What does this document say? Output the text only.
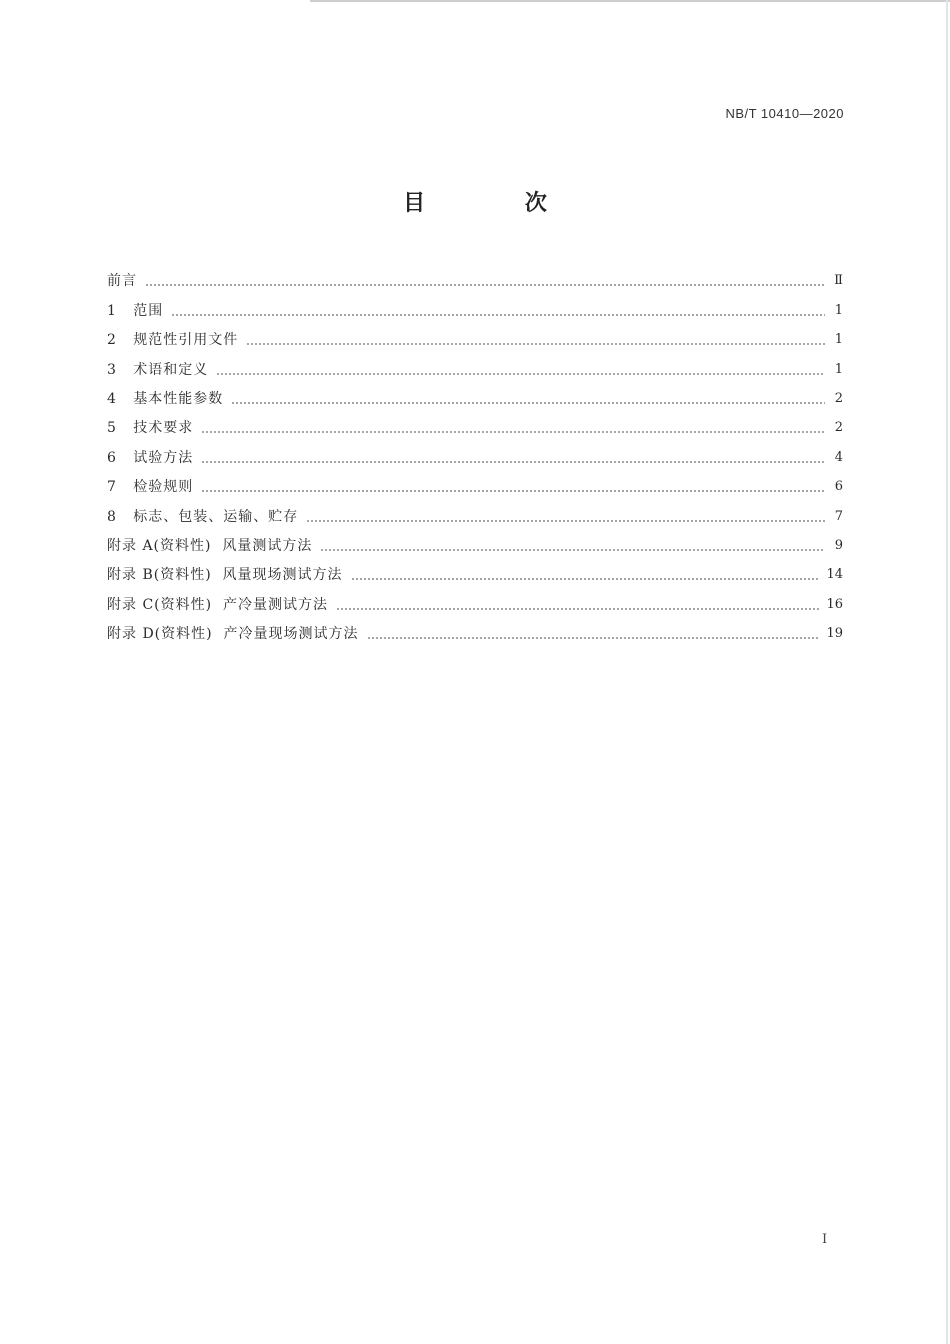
NB/T 10410—2020
目 次
前言	Ⅱ
1   范围	1
2   规范性引用文件	1
3   术语和定义	1
4   基本性能参数	2
5   技术要求	2
6   试验方法	4
7   检验规则	6
8   标志、包装、运输、贮存	7
附录 A(资料性)  风量测试方法	9
附录 B(资料性)  风量现场测试方法	14
附录 C(资料性)  产冷量测试方法	16
附录 D(资料性)  产冷量现场测试方法	19
I
